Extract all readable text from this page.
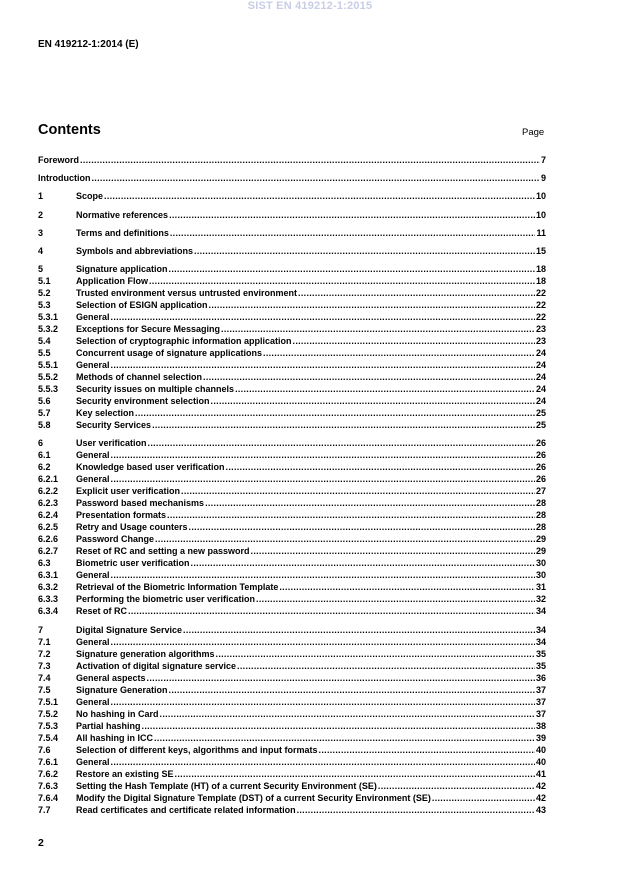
SIST EN 419212-1:2015
EN 419212-1:2014 (E)
Contents	Page
Foreword .....	7
Introduction .....	9
1	Scope .....	10
2	Normative references .....	10
3	Terms and definitions .....	11
4	Symbols and abbreviations .....	15
5	Signature application .....	18
5.1	Application Flow .....	18
5.2	Trusted environment versus untrusted environment .....	22
5.3	Selection of ESIGN application .....	22
5.3.1	General .....	22
5.3.2	Exceptions for Secure Messaging .....	23
5.4	Selection of cryptographic information application .....	23
5.5	Concurrent usage of signature applications .....	24
5.5.1	General .....	24
5.5.2	Methods of channel selection .....	24
5.5.3	Security issues on multiple channels .....	24
5.6	Security environment selection .....	24
5.7	Key selection .....	25
5.8	Security Services .....	25
6	User verification .....	26
6.1	General .....	26
6.2	Knowledge based user verification .....	26
6.2.1	General .....	26
6.2.2	Explicit user verification .....	27
6.2.3	Password based mechanisms .....	28
6.2.4	Presentation formats .....	28
6.2.5	Retry and Usage counters .....	28
6.2.6	Password Change .....	29
6.2.7	Reset of RC and setting a new password .....	29
6.3	Biometric user verification .....	30
6.3.1	General .....	30
6.3.2	Retrieval of the Biometric Information Template .....	31
6.3.3	Performing the biometric user verification .....	32
6.3.4	Reset of RC .....	34
7	Digital Signature Service .....	34
7.1	General .....	34
7.2	Signature generation algorithms .....	35
7.3	Activation of digital signature service .....	35
7.4	General aspects .....	36
7.5	Signature Generation .....	37
7.5.1	General .....	37
7.5.2	No hashing in Card .....	37
7.5.3	Partial hashing .....	38
7.5.4	All hashing in ICC .....	39
7.6	Selection of different keys, algorithms and input formats .....	40
7.6.1	General .....	40
7.6.2	Restore an existing SE .....	41
7.6.3	Setting the Hash Template (HT) of a current Security Environment (SE) .....	42
7.6.4	Modify the Digital Signature Template (DST) of a current Security Environment (SE) .....	42
7.7	Read certificates and certificate related information .....	43
2
